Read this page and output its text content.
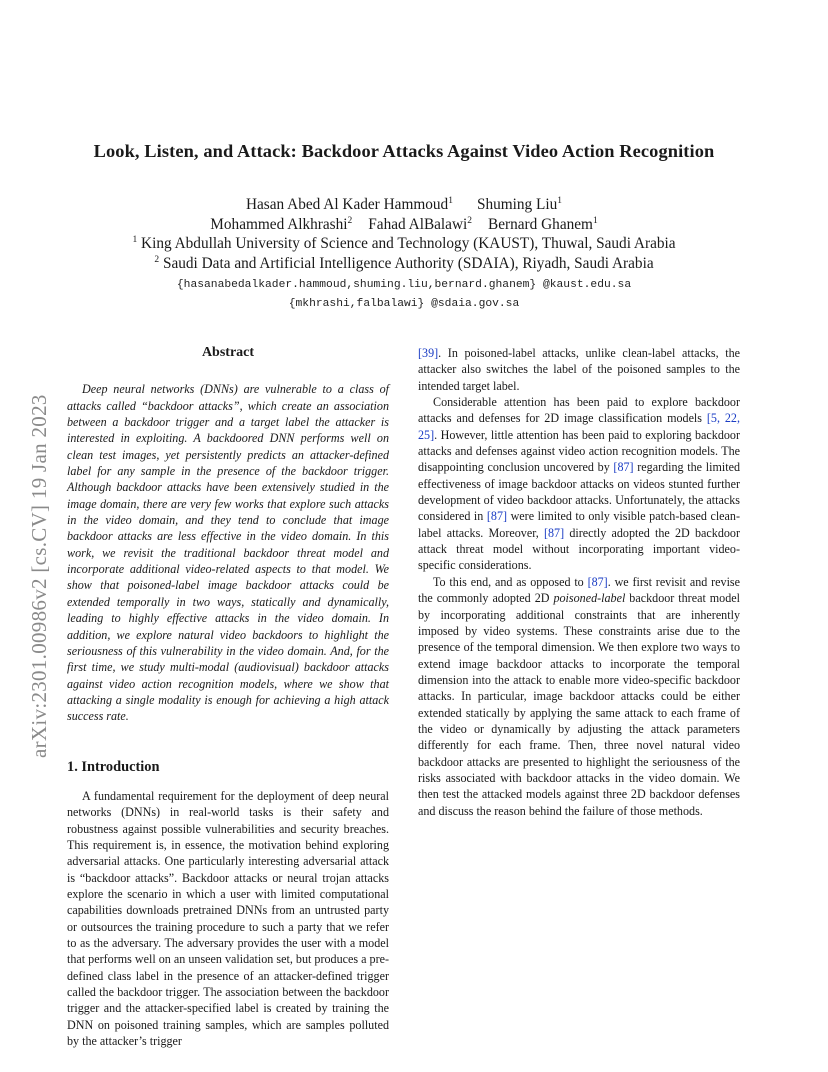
arXiv:2301.00986v2 [cs.CV] 19 Jan 2023
Look, Listen, and Attack: Backdoor Attacks Against Video Action Recognition
Hasan Abed Al Kader Hammoud$^1$ Shuming Liu$^1$
Mohammed Alkhrashi$^2$ Fahad AlBalawi$^2$ Bernard Ghanem$^1$
$^1$ King Abdullah University of Science and Technology (KAUST), Thuwal, Saudi Arabia
$^2$ Saudi Data and Artificial Intelligence Authority (SDAIA), Riyadh, Saudi Arabia
{hasanabedalkader.hammoud,shuming.liu,bernard.ghanem} @kaust.edu.sa
{mkhrashi,falbalawi} @sdaia.gov.sa
Abstract

Deep neural networks (DNNs) are vulnerable to a class of attacks called “backdoor attacks”, which create an association between a backdoor trigger and a target label the attacker is interested in exploiting. A backdoored DNN performs well on clean test images, yet persistently predicts an attacker-defined label for any sample in the presence of the backdoor trigger. Although backdoor attacks have been extensively studied in the image domain, there are very few works that explore such attacks in the video domain, and they tend to conclude that image backdoor attacks are less effective in the video domain. In this work, we revisit the traditional backdoor threat model and incorporate additional video-related aspects to that model. We show that poisoned-label image backdoor attacks could be extended temporally in two ways, statically and dynamically, leading to highly effective attacks in the video domain. In addition, we explore natural video backdoors to highlight the seriousness of this vulnerability in the video domain. And, for the first time, we study multi-modal (audiovisual) backdoor attacks against video action recognition models, where we show that attacking a single modality is enough for achieving a high attack success rate.

1. Introduction

A fundamental requirement for the deployment of deep neural networks (DNNs) in real-world tasks is their safety and robustness against possible vulnerabilities and security breaches. This requirement is, in essence, the motivation behind exploring adversarial attacks. One particularly interesting adversarial attack is “backdoor attacks”. Backdoor attacks or neural trojan attacks explore the scenario in which a user with limited computational capabilities downloads pretrained DNNs from an untrusted party or outsources the training procedure to such a party that we refer to as the adversary. The adversary provides the user with a model that performs well on an unseen validation set, but produces a pre-defined class label in the presence of an attacker-defined trigger called the backdoor trigger. The association between the backdoor trigger and the attacker-specified label is created by training the DNN on poisoned training samples, which are samples polluted by the attacker’s trigger

[39]. In poisoned-label attacks, unlike clean-label attacks, the attacker also switches the label of the poisoned samples to the intended target label.

Considerable attention has been paid to explore backdoor attacks and defenses for 2D image classification models [5, 22, 25]. However, little attention has been paid to exploring backdoor attacks and defenses against video action recognition models. The disappointing conclusion uncovered by [87] regarding the limited effectiveness of image backdoor attacks on videos stunted further development of video backdoor attacks. Unfortunately, the attacks considered in [87] were limited to only visible patch-based clean-label attacks. Moreover, [87] directly adopted the 2D backdoor attack threat model without incorporating important video-specific considerations.

To this end, and as opposed to [87]. we first revisit and revise the commonly adopted 2D poisoned-label backdoor threat model by incorporating additional constraints that are inherently imposed by video systems. These constraints arise due to the presence of the temporal dimension. We then explore two ways to extend image backdoor attacks to incorporate the temporal dimension into the attack to enable more video-specific backdoor attacks. In particular, image backdoor attacks could be either extended statically by applying the same attack to each frame of the video or dynamically by adjusting the attack parameters differently for each frame. Then, three novel natural video backdoor attacks are presented to highlight the seriousness of the risks associated with backdoor attacks in the video domain. We then test the attacked models against three 2D backdoor defenses and discuss the reason behind the failure of those methods.
